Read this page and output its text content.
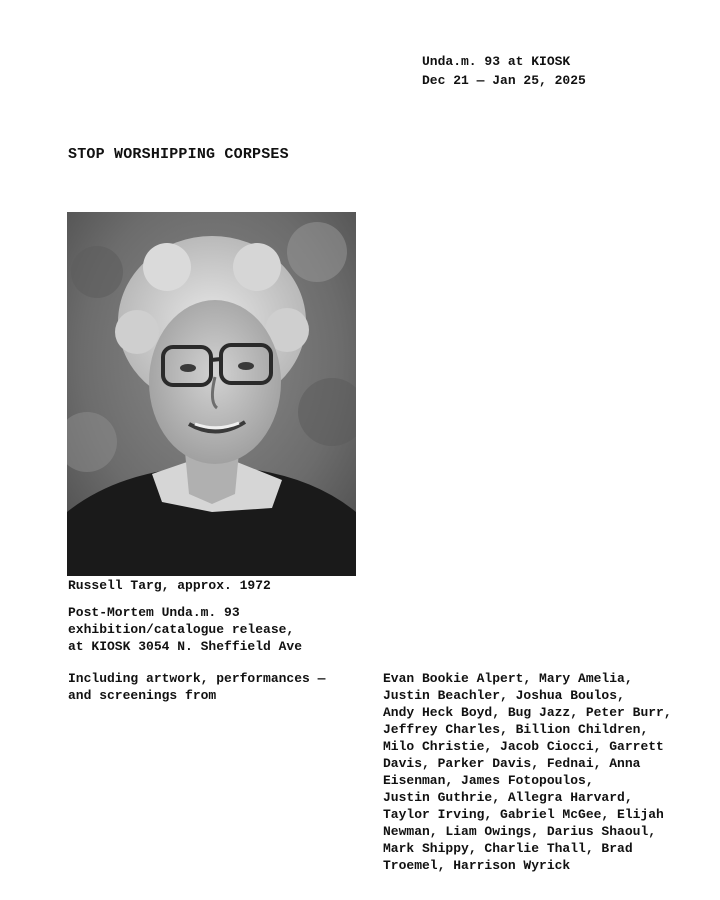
Unda.m. 93 at KIOSK
Dec 21 — Jan 25, 2025
STOP WORSHIPPING CORPSES
Russell Targ, approx. 1972
Post-Mortem Unda.m. 93
exhibition/catalogue release,
at KIOSK 3054 N. Sheffield Ave
Including artwork, performances —
and screenings from
Evan Bookie Alpert, Mary Amelia,
Justin Beachler, Joshua Boulos,
Andy Heck Boyd, Bug Jazz, Peter Burr,
Jeffrey Charles, Billion Children,
Milo Christie, Jacob Ciocci, Garrett
Davis, Parker Davis, Fednai, Anna
Eisenman, James Fotopoulos,
Justin Guthrie, Allegra Harvard,
Taylor Irving, Gabriel McGee, Elijah
Newman, Liam Owings, Darius Shaoul,
Mark Shippy, Charlie Thall, Brad
Troemel, Harrison Wyrick
